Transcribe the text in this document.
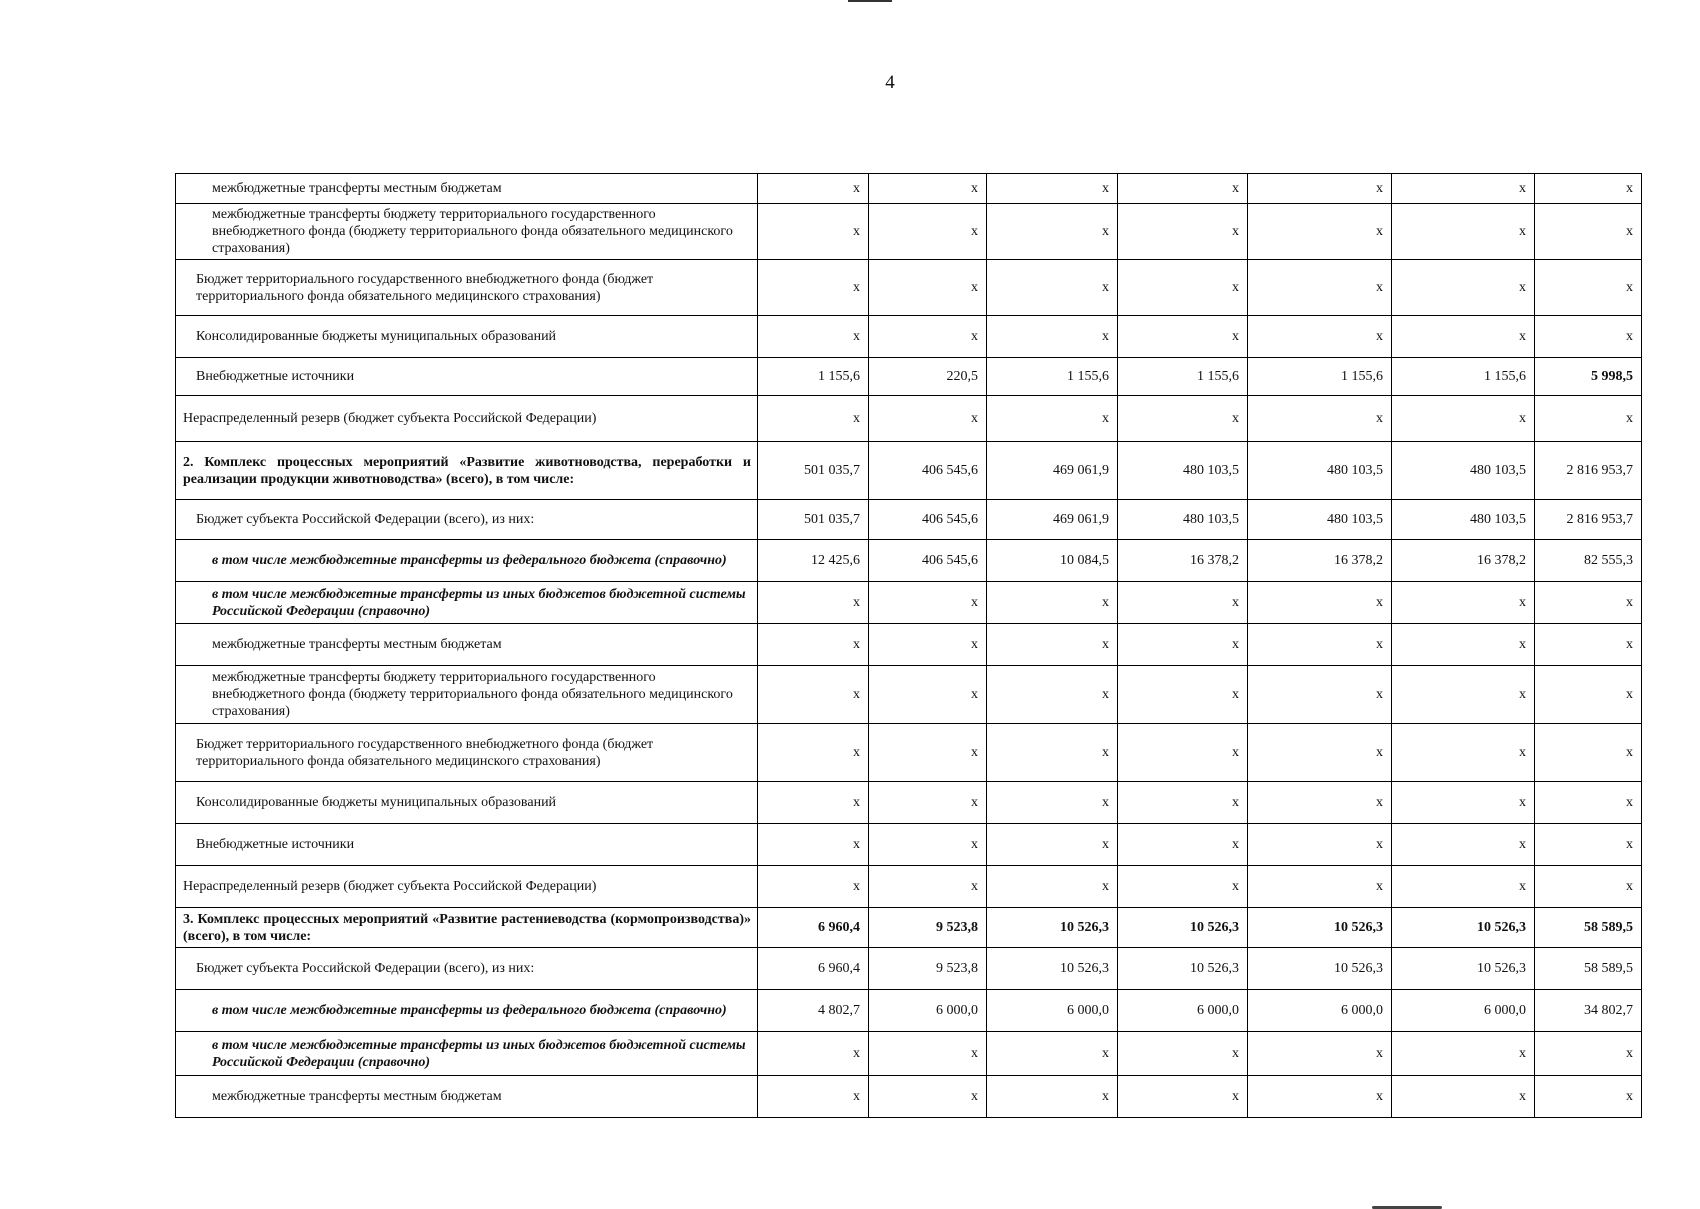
4
межбюджетные трансферты местным бюджетам	x	x	x	x	x	x	x
межбюджетные трансферты бюджету территориального государственного внебюджетного фонда (бюджету территориального фонда обязательного медицинского страхования)	x	x	x	x	x	x	x
Бюджет территориального государственного внебюджетного фонда (бюджет территориального фонда обязательного медицинского страхования)	x	x	x	x	x	x	x
Консолидированные бюджеты муниципальных образований	x	x	x	x	x	x	x
Внебюджетные источники	1 155,6	220,5	1 155,6	1 155,6	1 155,6	1 155,6	5 998,5
Нераспределенный резерв (бюджет субъекта Российской Федерации)	x	x	x	x	x	x	x
2. Комплекс процессных мероприятий «Развитие животноводства, переработки и реализации продукции животноводства» (всего), в том числе:	501 035,7	406 545,6	469 061,9	480 103,5	480 103,5	480 103,5	2 816 953,7
Бюджет субъекта Российской Федерации (всего), из них:	501 035,7	406 545,6	469 061,9	480 103,5	480 103,5	480 103,5	2 816 953,7
в том числе межбюджетные трансферты из федерального бюджета (справочно)	12 425,6	406 545,6	10 084,5	16 378,2	16 378,2	16 378,2	82 555,3
в том числе межбюджетные трансферты из иных бюджетов бюджетной системы Российской Федерации (справочно)	x	x	x	x	x	x	x
межбюджетные трансферты местным бюджетам	x	x	x	x	x	x	x
межбюджетные трансферты бюджету территориального государственного внебюджетного фонда (бюджету территориального фонда обязательного медицинского страхования)	x	x	x	x	x	x	x
Бюджет территориального государственного внебюджетного фонда (бюджет территориального фонда обязательного медицинского страхования)	x	x	x	x	x	x	x
Консолидированные бюджеты муниципальных образований	x	x	x	x	x	x	x
Внебюджетные источники	x	x	x	x	x	x	x
Нераспределенный резерв (бюджет субъекта Российской Федерации)	x	x	x	x	x	x	x
3. Комплекс процессных мероприятий «Развитие растениеводства (кормопроизводства)» (всего), в том числе:	6 960,4	9 523,8	10 526,3	10 526,3	10 526,3	10 526,3	58 589,5
Бюджет субъекта Российской Федерации (всего), из них:	6 960,4	9 523,8	10 526,3	10 526,3	10 526,3	10 526,3	58 589,5
в том числе межбюджетные трансферты из федерального бюджета (справочно)	4 802,7	6 000,0	6 000,0	6 000,0	6 000,0	6 000,0	34 802,7
в том числе межбюджетные трансферты из иных бюджетов бюджетной системы Российской Федерации (справочно)	x	x	x	x	x	x	x
межбюджетные трансферты местным бюджетам	x	x	x	x	x	x	x
